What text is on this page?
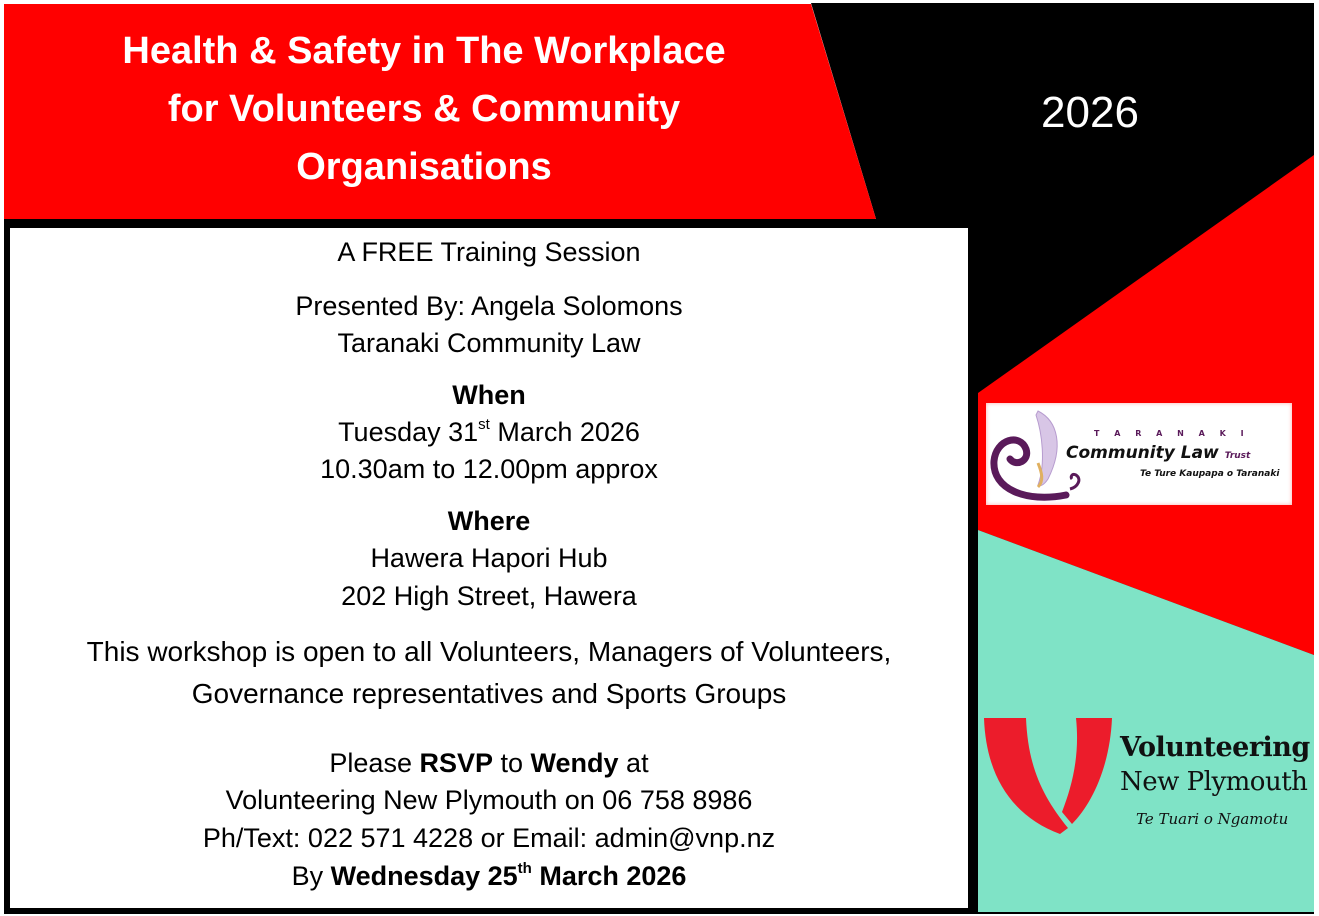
Health & Safety in The Workplace
for Volunteers & Community
Organisations
2026
A FREE Training Session
Presented By: Angela Solomons
Taranaki Community Law
When
Tuesday 31st March 2026
10.30am to 12.00pm approx
Where
Hawera Hapori Hub
202 High Street, Hawera
This workshop is open to all Volunteers, Managers of Volunteers,
Governance representatives and Sports Groups
Please RSVP to Wendy at
Volunteering New Plymouth on 06 758 8986
Ph/Text: 022 571 4228 or Email: admin@vnp.nz
By Wednesday 25th March 2026
T A R A N A K I
Community Law Trust
Te Ture Kaupapa o Taranaki
Volunteering
New Plymouth
Te Tuari o Ngamotu
